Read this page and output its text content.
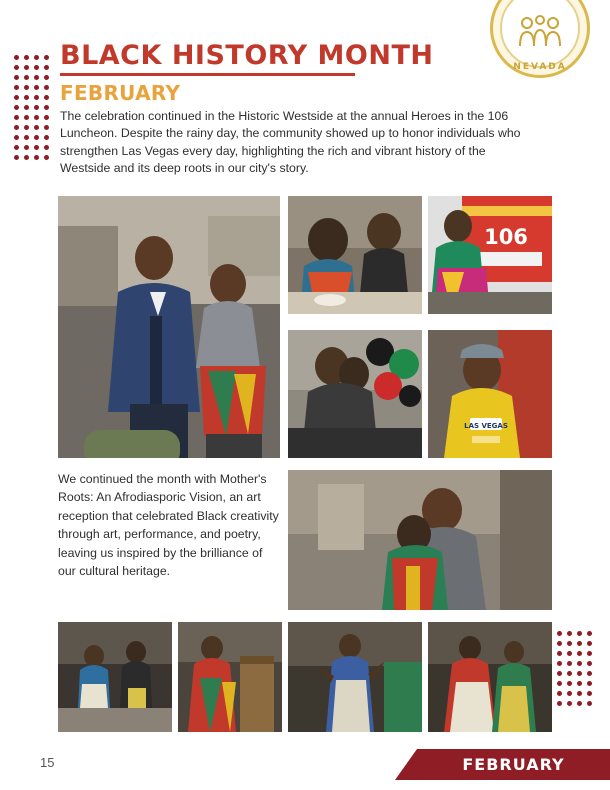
NEVADA
BLACK HISTORY MONTH
FEBRUARY
The celebration continued in the Historic Westside at the annual Heroes in the 106 Luncheon. Despite the rainy day, the community showed up to honor individuals who strengthen Las Vegas every day, highlighting the rich and vibrant history of the Westside and its deep roots in our city's story.
106
LAS VEGAS
We continued the month with Mother's Roots: An Afrodiasporic Vision, an art reception that celebrated Black creativity through art, performance, and poetry, leaving us inspired by the brilliance of our cultural heritage.
15	FEBRUARY
